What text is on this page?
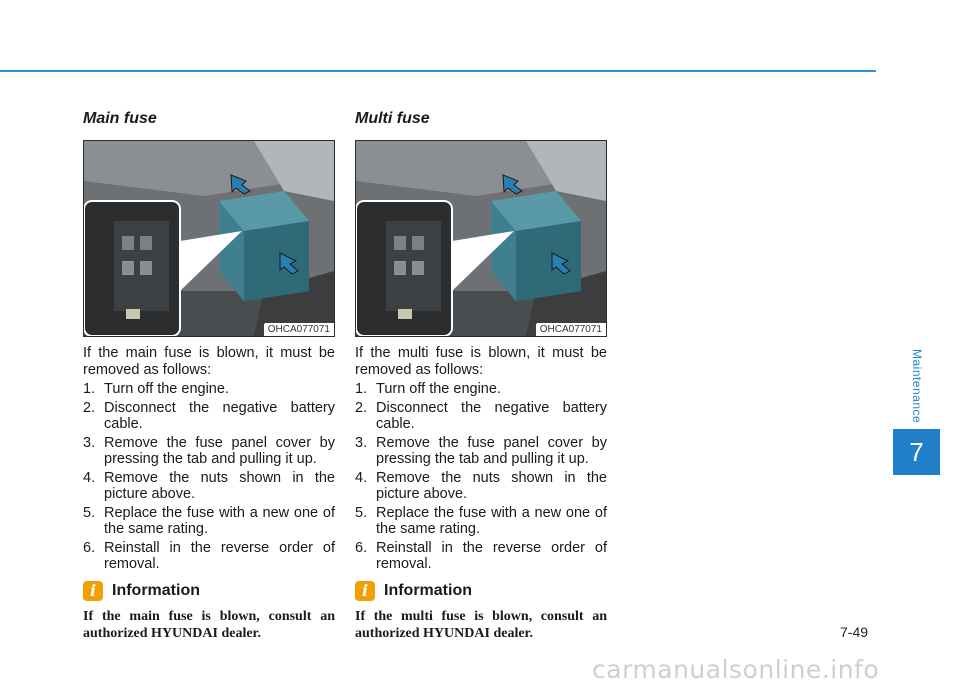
Main fuse
OHCA077071

If the main fuse is blown, it must be removed as follows:

1. Turn off the engine.
2. Disconnect the negative battery cable.
3. Remove the fuse panel cover by pressing the tab and pulling it up.
4. Remove the nuts shown in the picture above.
5. Replace the fuse with a new one of the same rating.
6. Reinstall in the reverse order of removal.
i Information
If the main fuse is blown, consult an authorized HYUNDAI dealer.
Multi fuse
OHCA077071

If the multi fuse is blown, it must be removed as follows:

1. Turn off the engine.
2. Disconnect the negative battery cable.
3. Remove the fuse panel cover by pressing the tab and pulling it up.
4. Remove the nuts shown in the picture above.
5. Replace the fuse with a new one of the same rating.
6. Reinstall in the reverse order of removal.
i Information
If the multi fuse is blown, consult an authorized HYUNDAI dealer.
Maintenance
7
7-49
carmanualsonline.info
